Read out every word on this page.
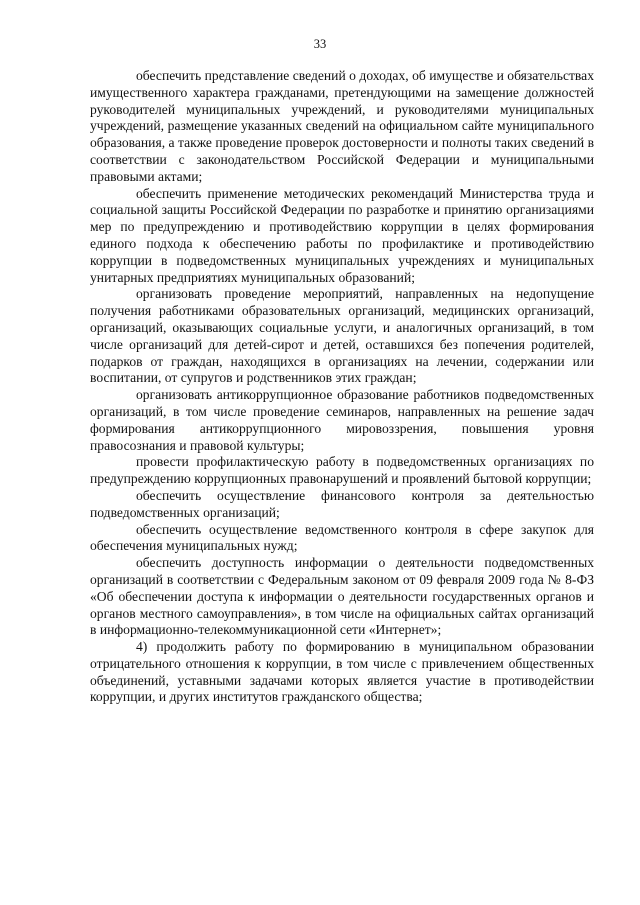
33

обеспечить представление сведений о доходах, об имуществе и обязательствах имущественного характера гражданами, претендующими на замещение должностей руководителей муниципальных учреждений, и руководителями муниципальных учреждений, размещение указанных сведений на официальном сайте муниципального образования, а также проведение проверок достоверности и полноты таких сведений в соответствии с законодательством Российской Федерации и муниципальными правовыми актами;

обеспечить применение методических рекомендаций Министерства труда и социальной защиты Российской Федерации по разработке и принятию организациями мер по предупреждению и противодействию коррупции в целях формирования единого подхода к обеспечению работы по профилактике и противодействию коррупции в подведомственных муниципальных учреждениях и муниципальных унитарных предприятиях муниципальных образований;

организовать проведение мероприятий, направленных на недопущение получения работниками образовательных организаций, медицинских организаций, организаций, оказывающих социальные услуги, и аналогичных организаций, в том числе организаций для детей-сирот и детей, оставшихся без попечения родителей, подарков от граждан, находящихся в организациях на лечении, содержании или воспитании, от супругов и родственников этих граждан;

организовать антикоррупционное образование работников подведомственных организаций, в том числе проведение семинаров, направленных на решение задач формирования антикоррупционного мировоззрения, повышения уровня правосознания и правовой культуры;

провести профилактическую работу в подведомственных организациях по предупреждению коррупционных правонарушений и проявлений бытовой коррупции;

обеспечить осуществление финансового контроля за деятельностью подведомственных организаций;

обеспечить осуществление ведомственного контроля в сфере закупок для обеспечения муниципальных нужд;

обеспечить доступность информации о деятельности подведомственных организаций в соответствии с Федеральным законом от 09 февраля 2009 года № 8-ФЗ «Об обеспечении доступа к информации о деятельности государственных органов и органов местного самоуправления», в том числе на официальных сайтах организаций в информационно-телекоммуникационной сети «Интернет»;

4) продолжить работу по формированию в муниципальном образовании отрицательного отношения к коррупции, в том числе с привлечением общественных объединений, уставными задачами которых является участие в противодействии коррупции, и других институтов гражданского общества;
